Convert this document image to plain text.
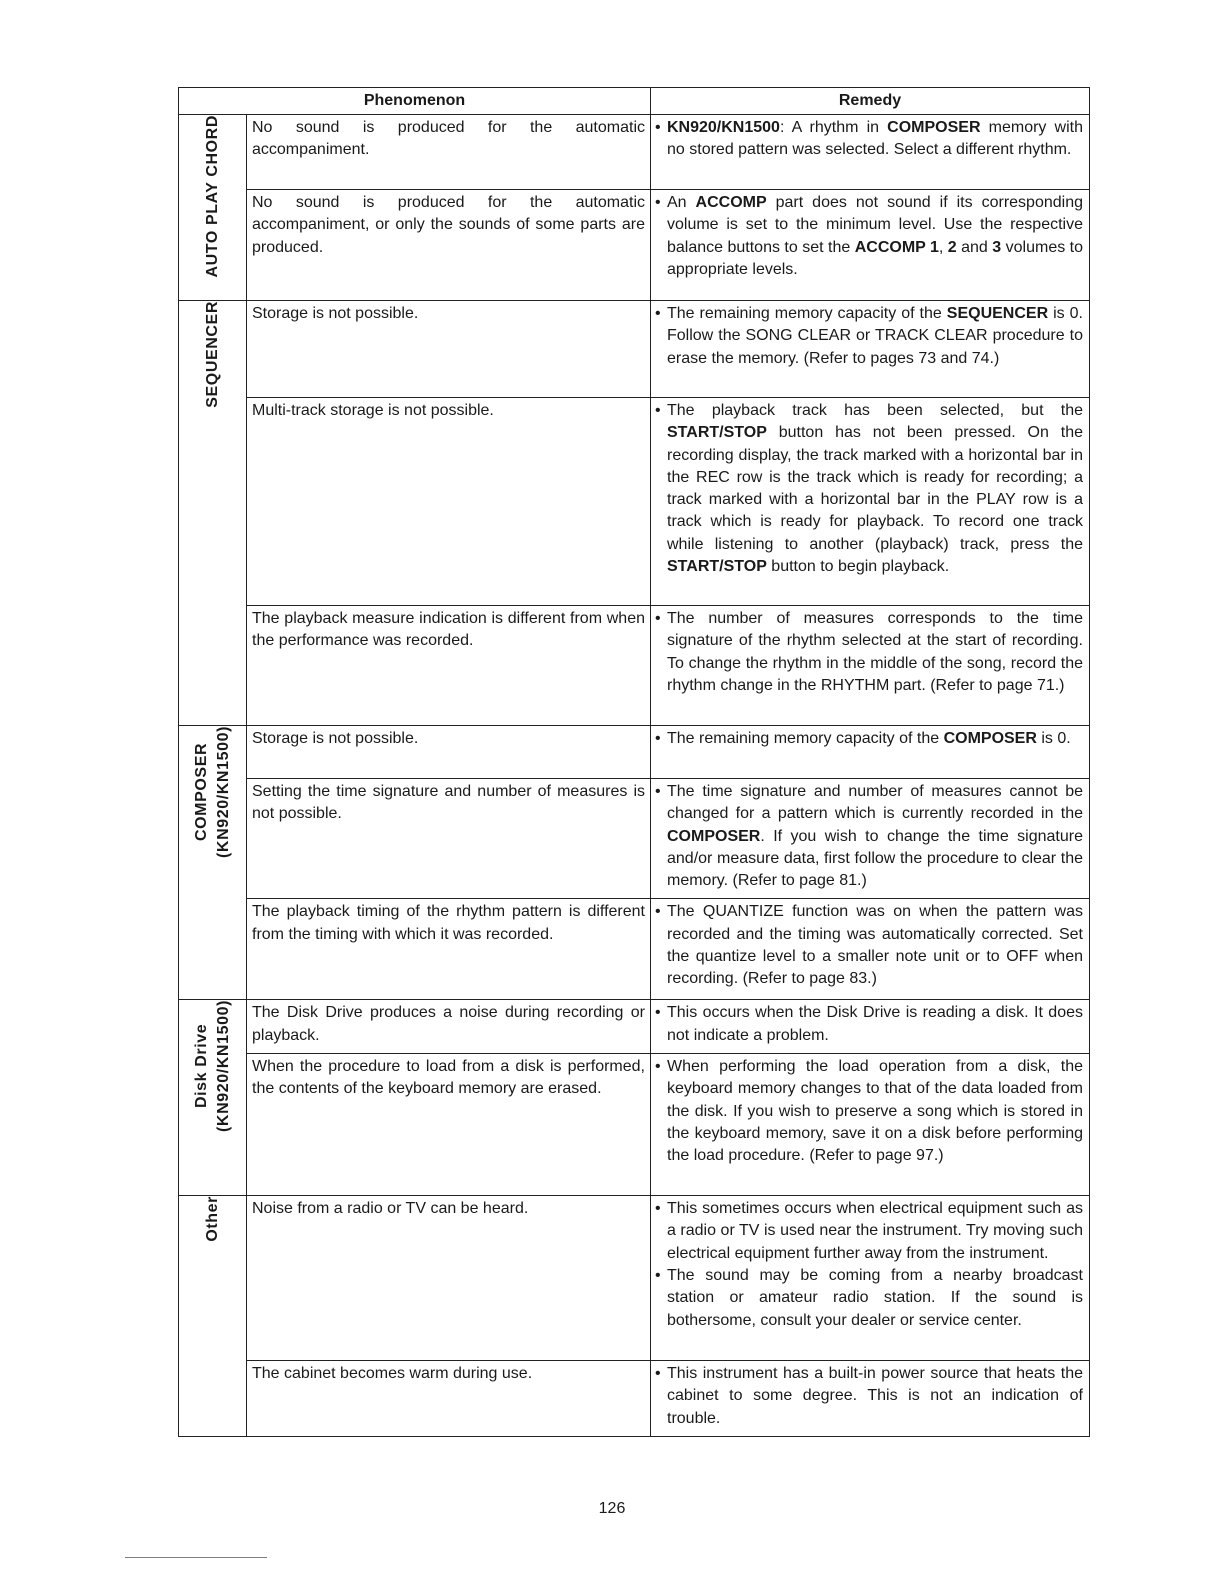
Phenomenon		Remedy
AUTO PLAY CHORD	No sound is produced for the automatic accompaniment.	• KN920/KN1500: A rhythm in COMPOSER memory with no stored pattern was selected. Select a different rhythm.

	No sound is produced for the automatic accompaniment, or only the sounds of some parts are produced.	• An ACCOMP part does not sound if its corresponding volume is set to the minimum level. Use the respective balance buttons to set the ACCOMP 1, 2 and 3 volumes to appropriate levels.

SEQUENCER	Storage is not possible.	• The remaining memory capacity of the SEQUENCER is 0. Follow the SONG CLEAR or TRACK CLEAR procedure to erase the memory. (Refer to pages 73 and 74.)

	Multi-track storage is not possible.	• The playback track has been selected, but the START/STOP button has not been pressed. On the recording display, the track marked with a horizontal bar in the REC row is the track which is ready for recording; a track marked with a horizontal bar in the PLAY row is a track which is ready for playback. To record one track while listening to another (playback) track, press the START/STOP button to begin playback.

	The playback measure indication is different from when the performance was recorded.	• The number of measures corresponds to the time signature of the rhythm selected at the start of recording. To change the rhythm in the middle of the song, record the rhythm change in the RHYTHM part. (Refer to page 71.)

COMPOSER (KN920/KN1500)	Storage is not possible.	• The remaining memory capacity of the COMPOSER is 0.

	Setting the time signature and number of measures is not possible.	• The time signature and number of measures cannot be changed for a pattern which is currently recorded in the COMPOSER. If you wish to change the time signature and/or measure data, first follow the procedure to clear the memory. (Refer to page 81.)

	The playback timing of the rhythm pattern is different from the timing with which it was recorded.	• The QUANTIZE function was on when the pattern was recorded and the timing was automatically corrected. Set the quantize level to a smaller note unit or to OFF when recording. (Refer to page 83.)

Disk Drive (KN920/KN1500)	The Disk Drive produces a noise during recording or playback.	• This occurs when the Disk Drive is reading a disk. It does not indicate a problem.

	When the procedure to load from a disk is performed, the contents of the keyboard memory are erased.	• When performing the load operation from a disk, the keyboard memory changes to that of the data loaded from the disk. If you wish to preserve a song which is stored in the keyboard memory, save it on a disk before performing the load procedure. (Refer to page 97.)

Other	Noise from a radio or TV can be heard.	• This sometimes occurs when electrical equipment such as a radio or TV is used near the instrument. Try moving such electrical equipment further away from the instrument.
• The sound may be coming from a nearby broadcast station or amateur radio station. If the sound is bothersome, consult your dealer or service center.

	The cabinet becomes warm during use.	• This instrument has a built-in power source that heats the cabinet to some degree. This is not an indication of trouble.
126
